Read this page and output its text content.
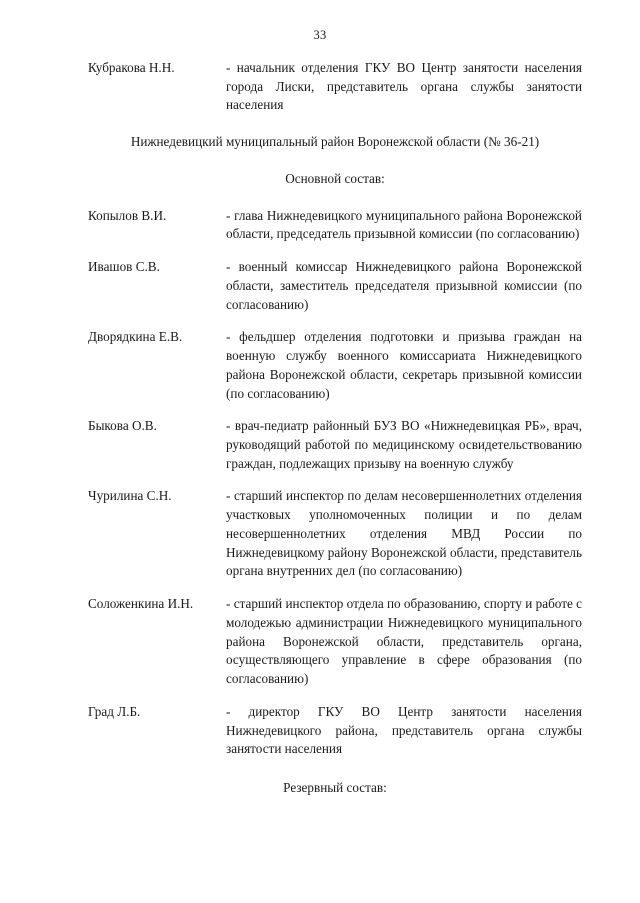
33
Кубракова Н.Н.	- начальник отделения ГКУ ВО Центр занятости населения города Лиски, представитель органа службы занятости населения
Нижнедевицкий муниципальный район Воронежской области (№ 36-21)
Основной состав:
Копылов В.И.	- глава Нижнедевицкого муниципального района Воронежской области, председатель призывной комиссии (по согласованию)
Ивашов С.В.	- военный комиссар Нижнедевицкого района Воронежской области, заместитель председателя призывной комиссии (по согласованию)
Дворядкина Е.В.	- фельдшер отделения подготовки и призыва граждан на военную службу военного комиссариата Нижнедевицкого района Воронежской области, секретарь призывной комиссии (по согласованию)
Быкова О.В.	- врач-педиатр районный БУЗ ВО «Нижнедевицкая РБ», врач, руководящий работой по медицинскому освидетельствованию граждан, подлежащих призыву на военную службу
Чурилина С.Н.	- старший инспектор по делам несовершеннолетних отделения участковых уполномоченных полиции и по делам несовершеннолетних отделения МВД России по Нижнедевицкому району Воронежской области, представитель органа внутренних дел (по согласованию)
Соложенкина И.Н.	- старший инспектор отдела по образованию, спорту и работе с молодежью администрации Нижнедевицкого муниципального района Воронежской области, представитель органа, осуществляющего управление в сфере образования (по согласованию)
Град Л.Б.	- директор ГКУ ВО Центр занятости населения Нижнедевицкого района, представитель органа службы занятости населения
Резервный состав:
